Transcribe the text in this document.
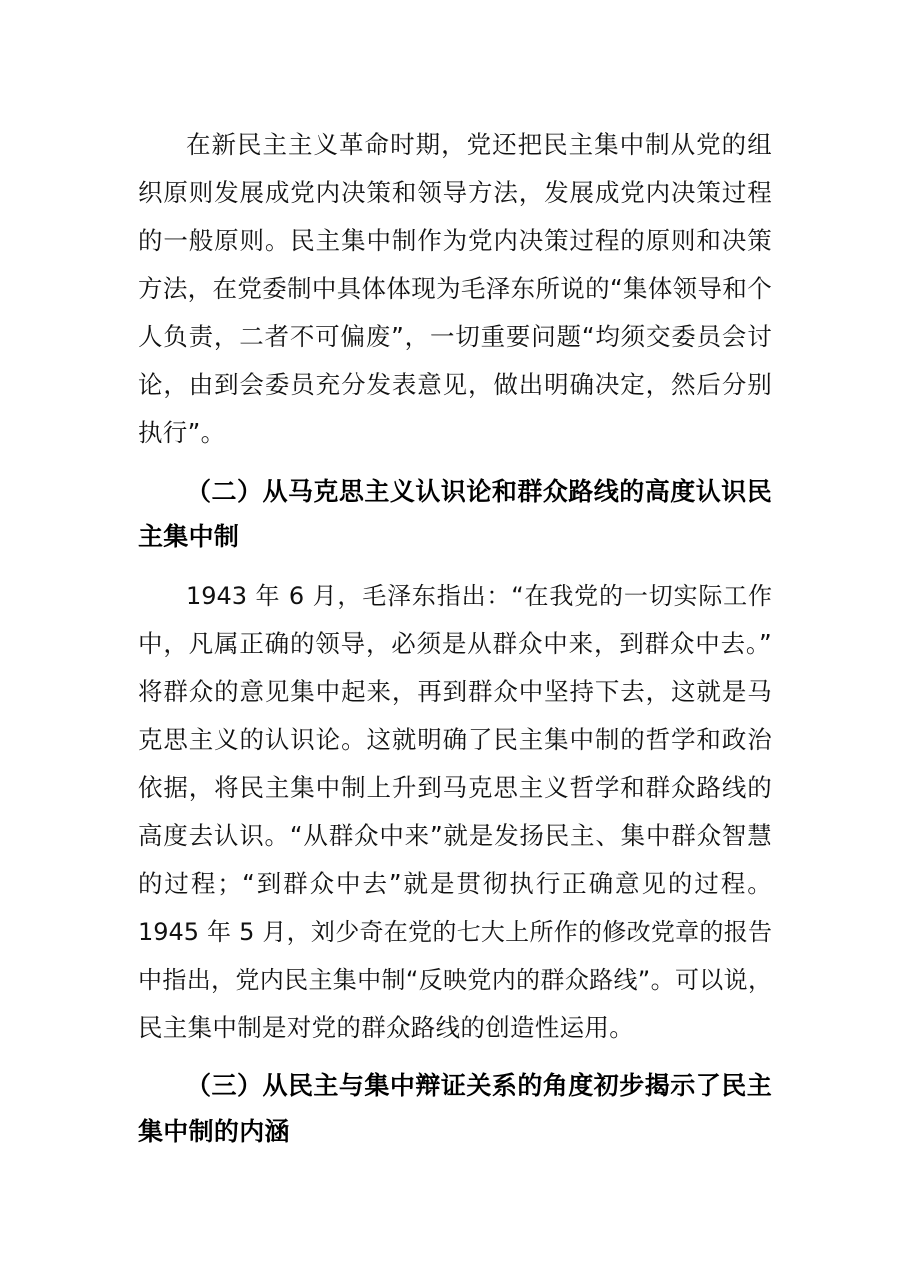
在新民主主义革命时期，党还把民主集中制从党的组
织原则发展成党内决策和领导方法，发展成党内决策过程
的一般原则。民主集中制作为党内决策过程的原则和决策
方法，在党委制中具体体现为毛泽东所说的“集体领导和个
人负责，二者不可偏废”，一切重要问题“均须交委员会讨
论，由到会委员充分发表意见，做出明确决定，然后分别
执行”。
（二）从马克思主义认识论和群众路线的高度认识民
主集中制
1943 年 6 月，毛泽东指出：“在我党的一切实际工作
中，凡属正确的领导，必须是从群众中来，到群众中去。”
将群众的意见集中起来，再到群众中坚持下去，这就是马
克思主义的认识论。这就明确了民主集中制的哲学和政治
依据，将民主集中制上升到马克思主义哲学和群众路线的
高度去认识。“从群众中来”就是发扬民主、集中群众智慧
的过程；“到群众中去”就是贯彻执行正确意见的过程。
1945 年 5 月，刘少奇在党的七大上所作的修改党章的报告
中指出，党内民主集中制“反映党内的群众路线”。可以说，
民主集中制是对党的群众路线的创造性运用。
（三）从民主与集中辩证关系的角度初步揭示了民主
集中制的内涵
